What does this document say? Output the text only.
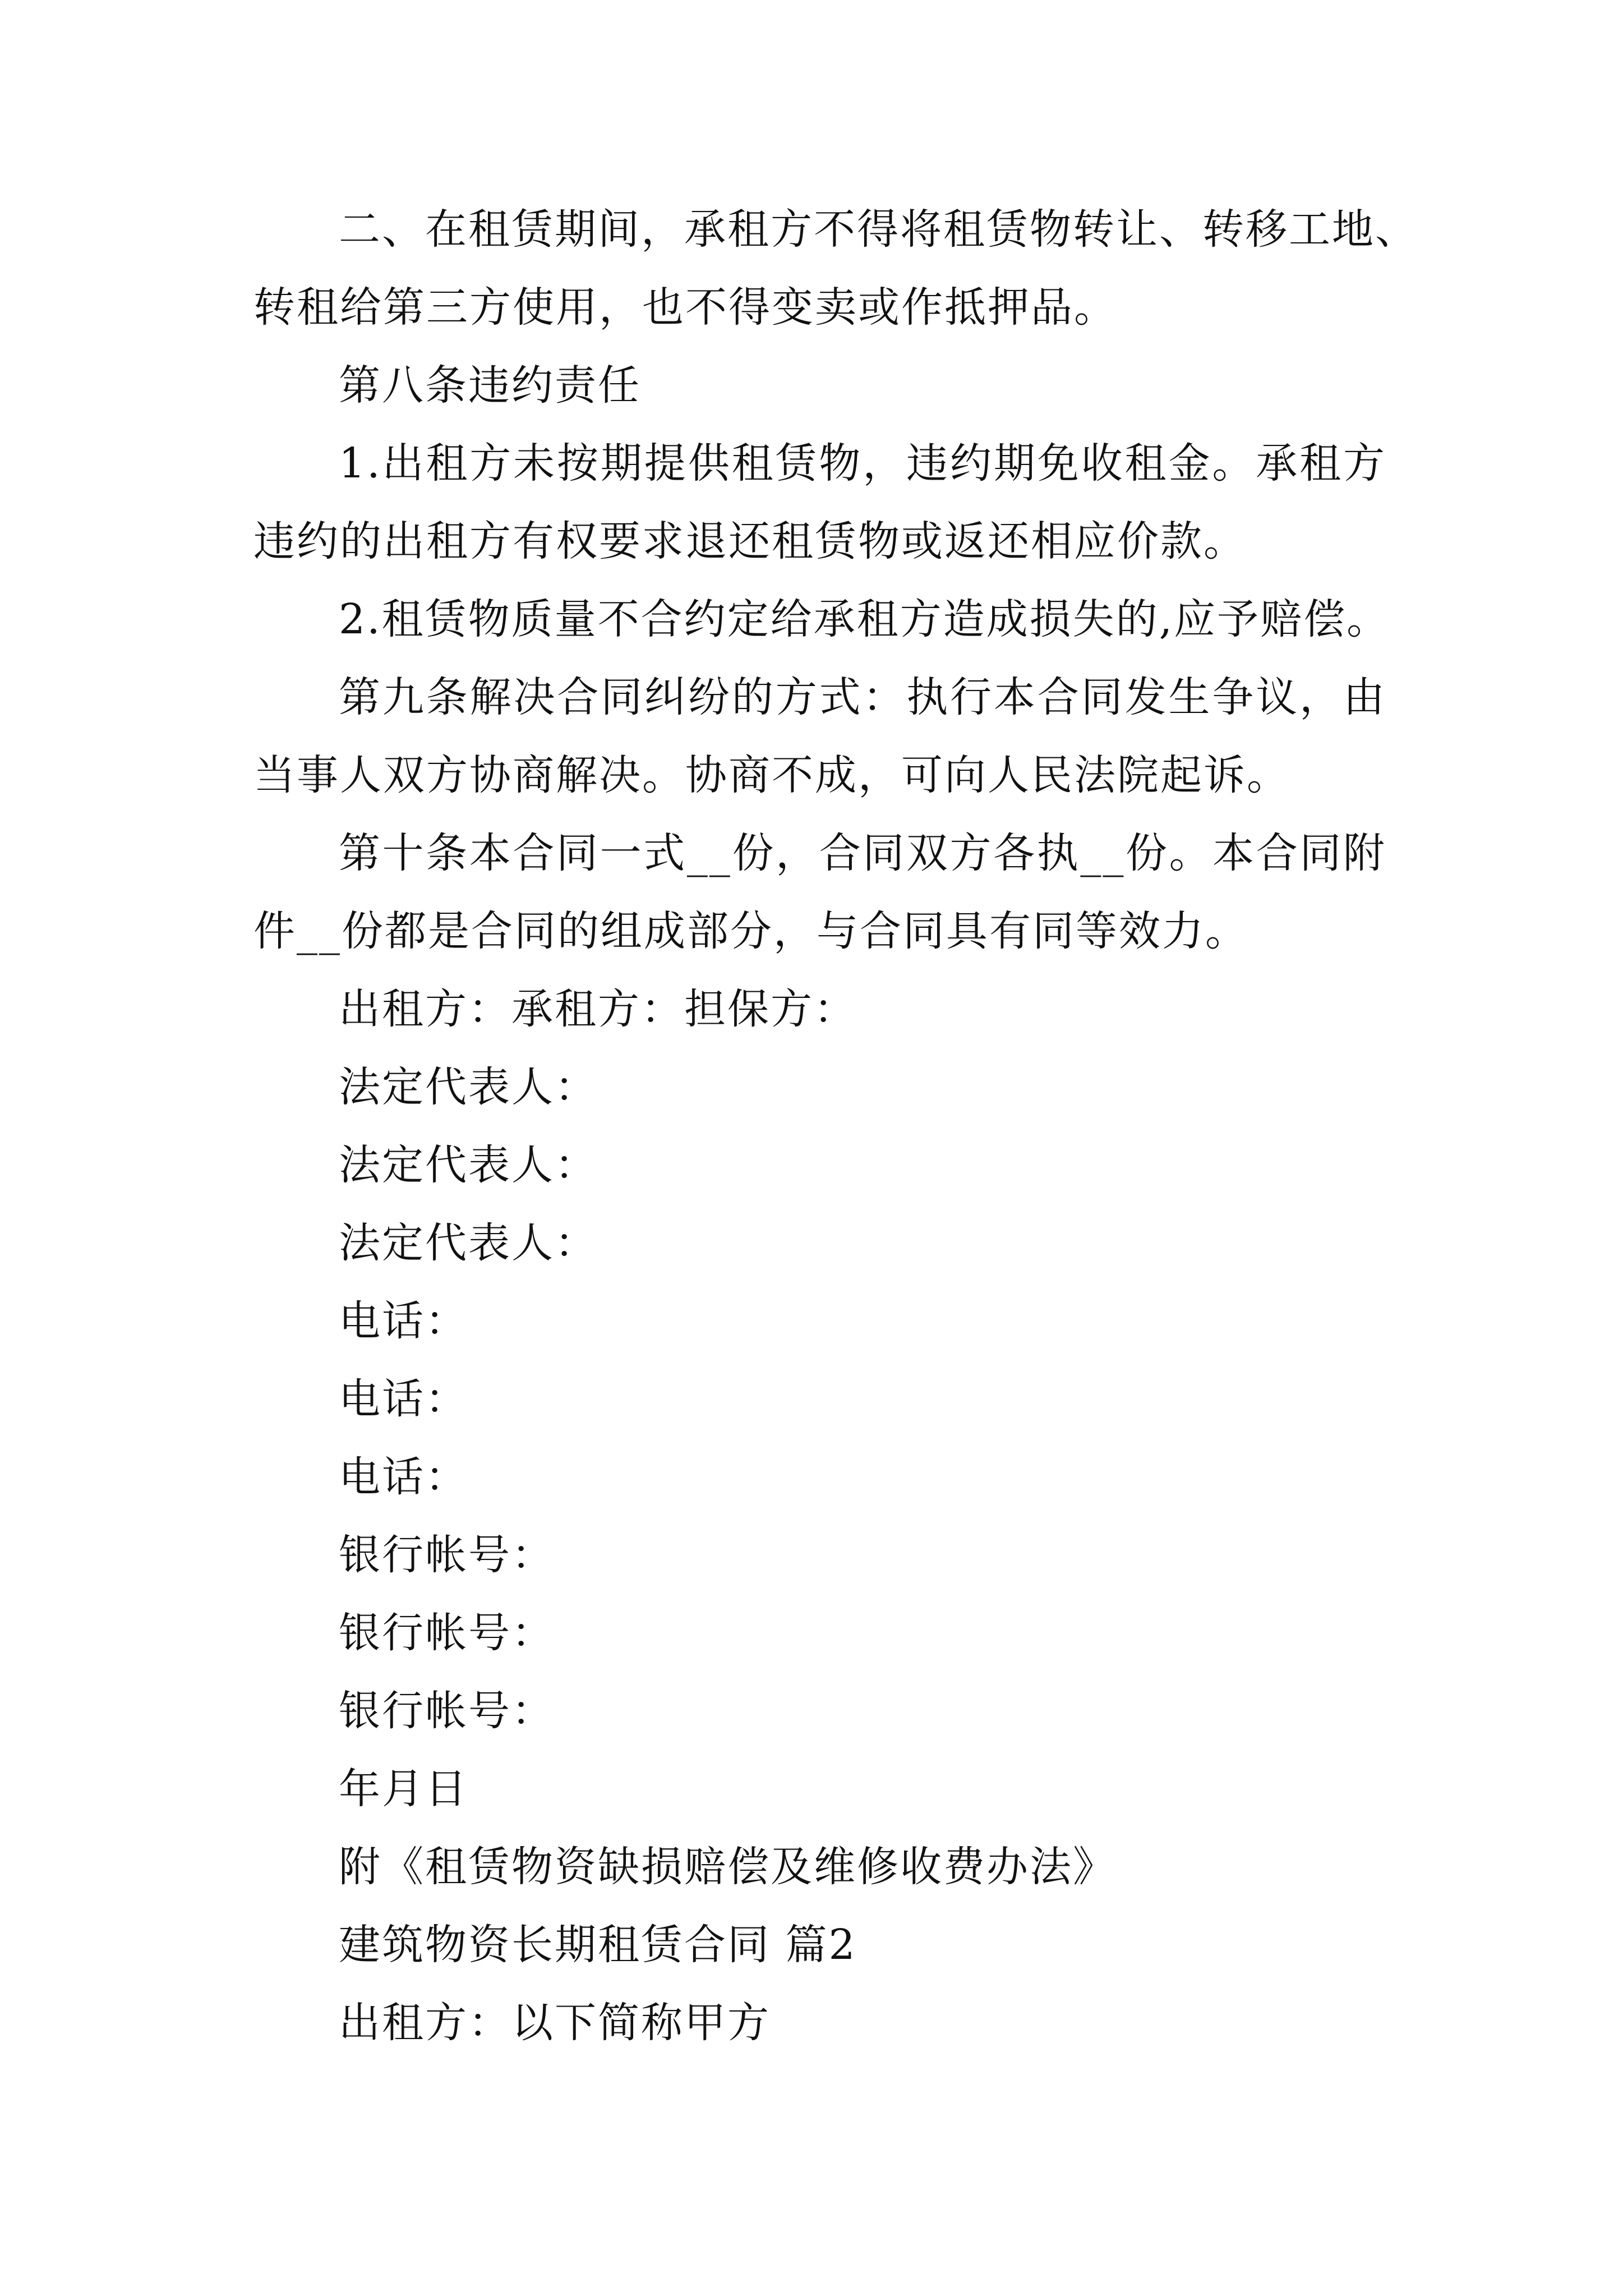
二、在租赁期间，承租方不得将租赁物转让、转移工地、
转租给第三方使用，也不得变卖或作抵押品。
第八条违约责任
1.出租方未按期提供租赁物，违约期免收租金。承租方
违约的出租方有权要求退还租赁物或返还相应价款。
2.租赁物质量不合约定给承租方造成损失的,应予赔偿。
第九条解决合同纠纷的方式：执行本合同发生争议，由
当事人双方协商解决。协商不成，可向人民法院起诉。
第十条本合同一式__份，合同双方各执__份。本合同附
件__份都是合同的组成部分，与合同具有同等效力。
出租方：承租方：担保方：
法定代表人：
法定代表人：
法定代表人：
电话：
电话：
电话：
银行帐号：
银行帐号：
银行帐号：
年月日
附《租赁物资缺损赔偿及维修收费办法》
建筑物资长期租赁合同 篇2
出租方：以下简称甲方
